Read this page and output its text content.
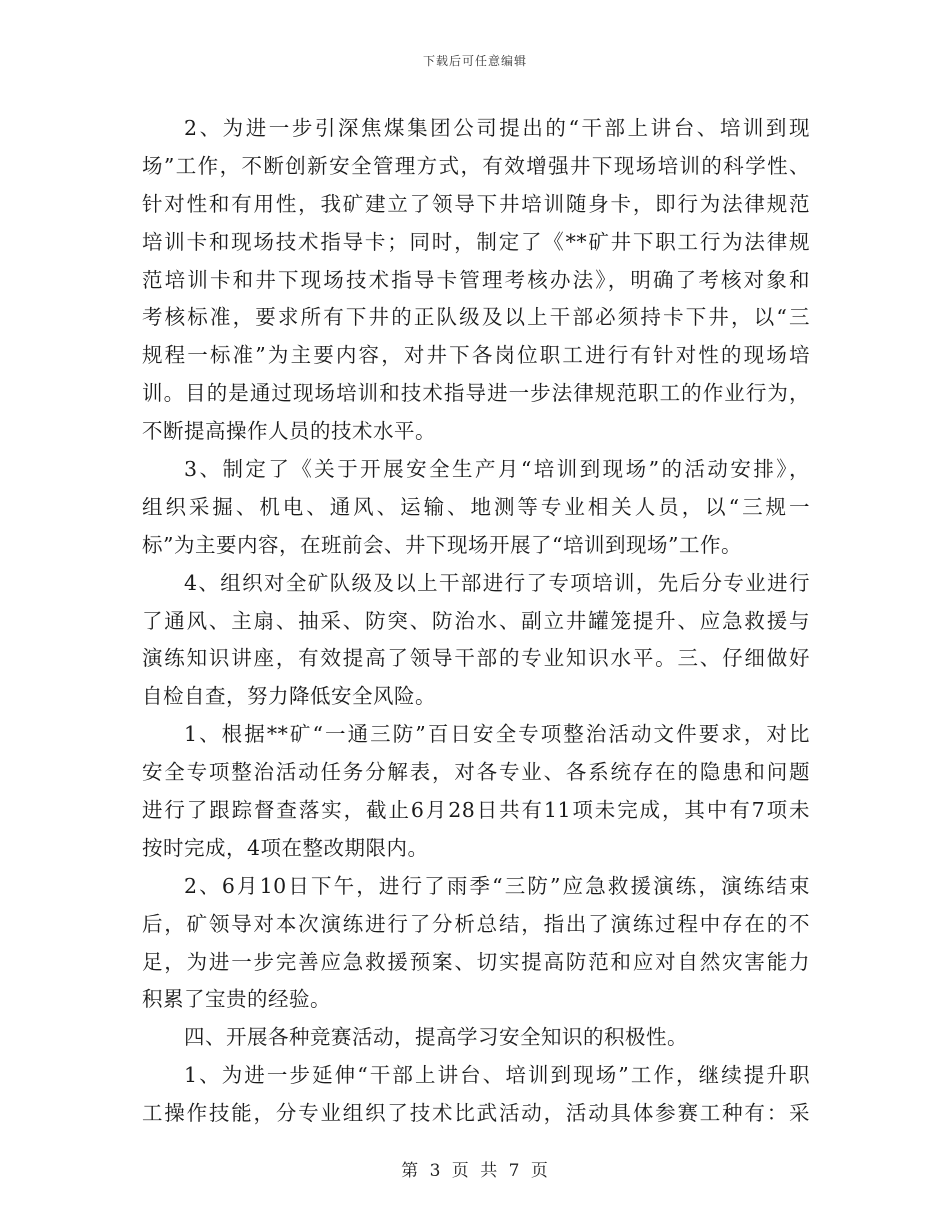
下载后可任意编辑
2、为进一步引深焦煤集团公司提出的“干部上讲台、培训到现
场”工作，不断创新安全管理方式，有效增强井下现场培训的科学性、
针对性和有用性，我矿建立了领导下井培训随身卡，即行为法律规范
培训卡和现场技术指导卡；同时，制定了《**矿井下职工行为法律规
范培训卡和井下现场技术指导卡管理考核办法》，明确了考核对象和
考核标准，要求所有下井的正队级及以上干部必须持卡下井，以“三
规程一标准”为主要内容，对井下各岗位职工进行有针对性的现场培
训。目的是通过现场培训和技术指导进一步法律规范职工的作业行为，
不断提高操作人员的技术水平。
3、制定了《关于开展安全生产月“培训到现场”的活动安排》，
组织采掘、机电、通风、运输、地测等专业相关人员，以“三规一
标”为主要内容，在班前会、井下现场开展了“培训到现场”工作。
4、组织对全矿队级及以上干部进行了专项培训，先后分专业进行
了通风、主扇、抽采、防突、防治水、副立井罐笼提升、应急救援与
演练知识讲座，有效提高了领导干部的专业知识水平。三、仔细做好
自检自查，努力降低安全风险。
1、根据**矿“一通三防”百日安全专项整治活动文件要求，对比
安全专项整治活动任务分解表，对各专业、各系统存在的隐患和问题
进行了跟踪督查落实，截止6月28日共有11项未完成，其中有7项未
按时完成，4项在整改期限内。
2、6月10日下午，进行了雨季“三防”应急救援演练，演练结束
后，矿领导对本次演练进行了分析总结，指出了演练过程中存在的不
足，为进一步完善应急救援预案、切实提高防范和应对自然灾害能力
积累了宝贵的经验。
四、开展各种竞赛活动，提高学习安全知识的积极性。
1、为进一步延伸“干部上讲台、培训到现场”工作，继续提升职
工操作技能，分专业组织了技术比武活动，活动具体参赛工种有：采
第 3 页 共 7 页
